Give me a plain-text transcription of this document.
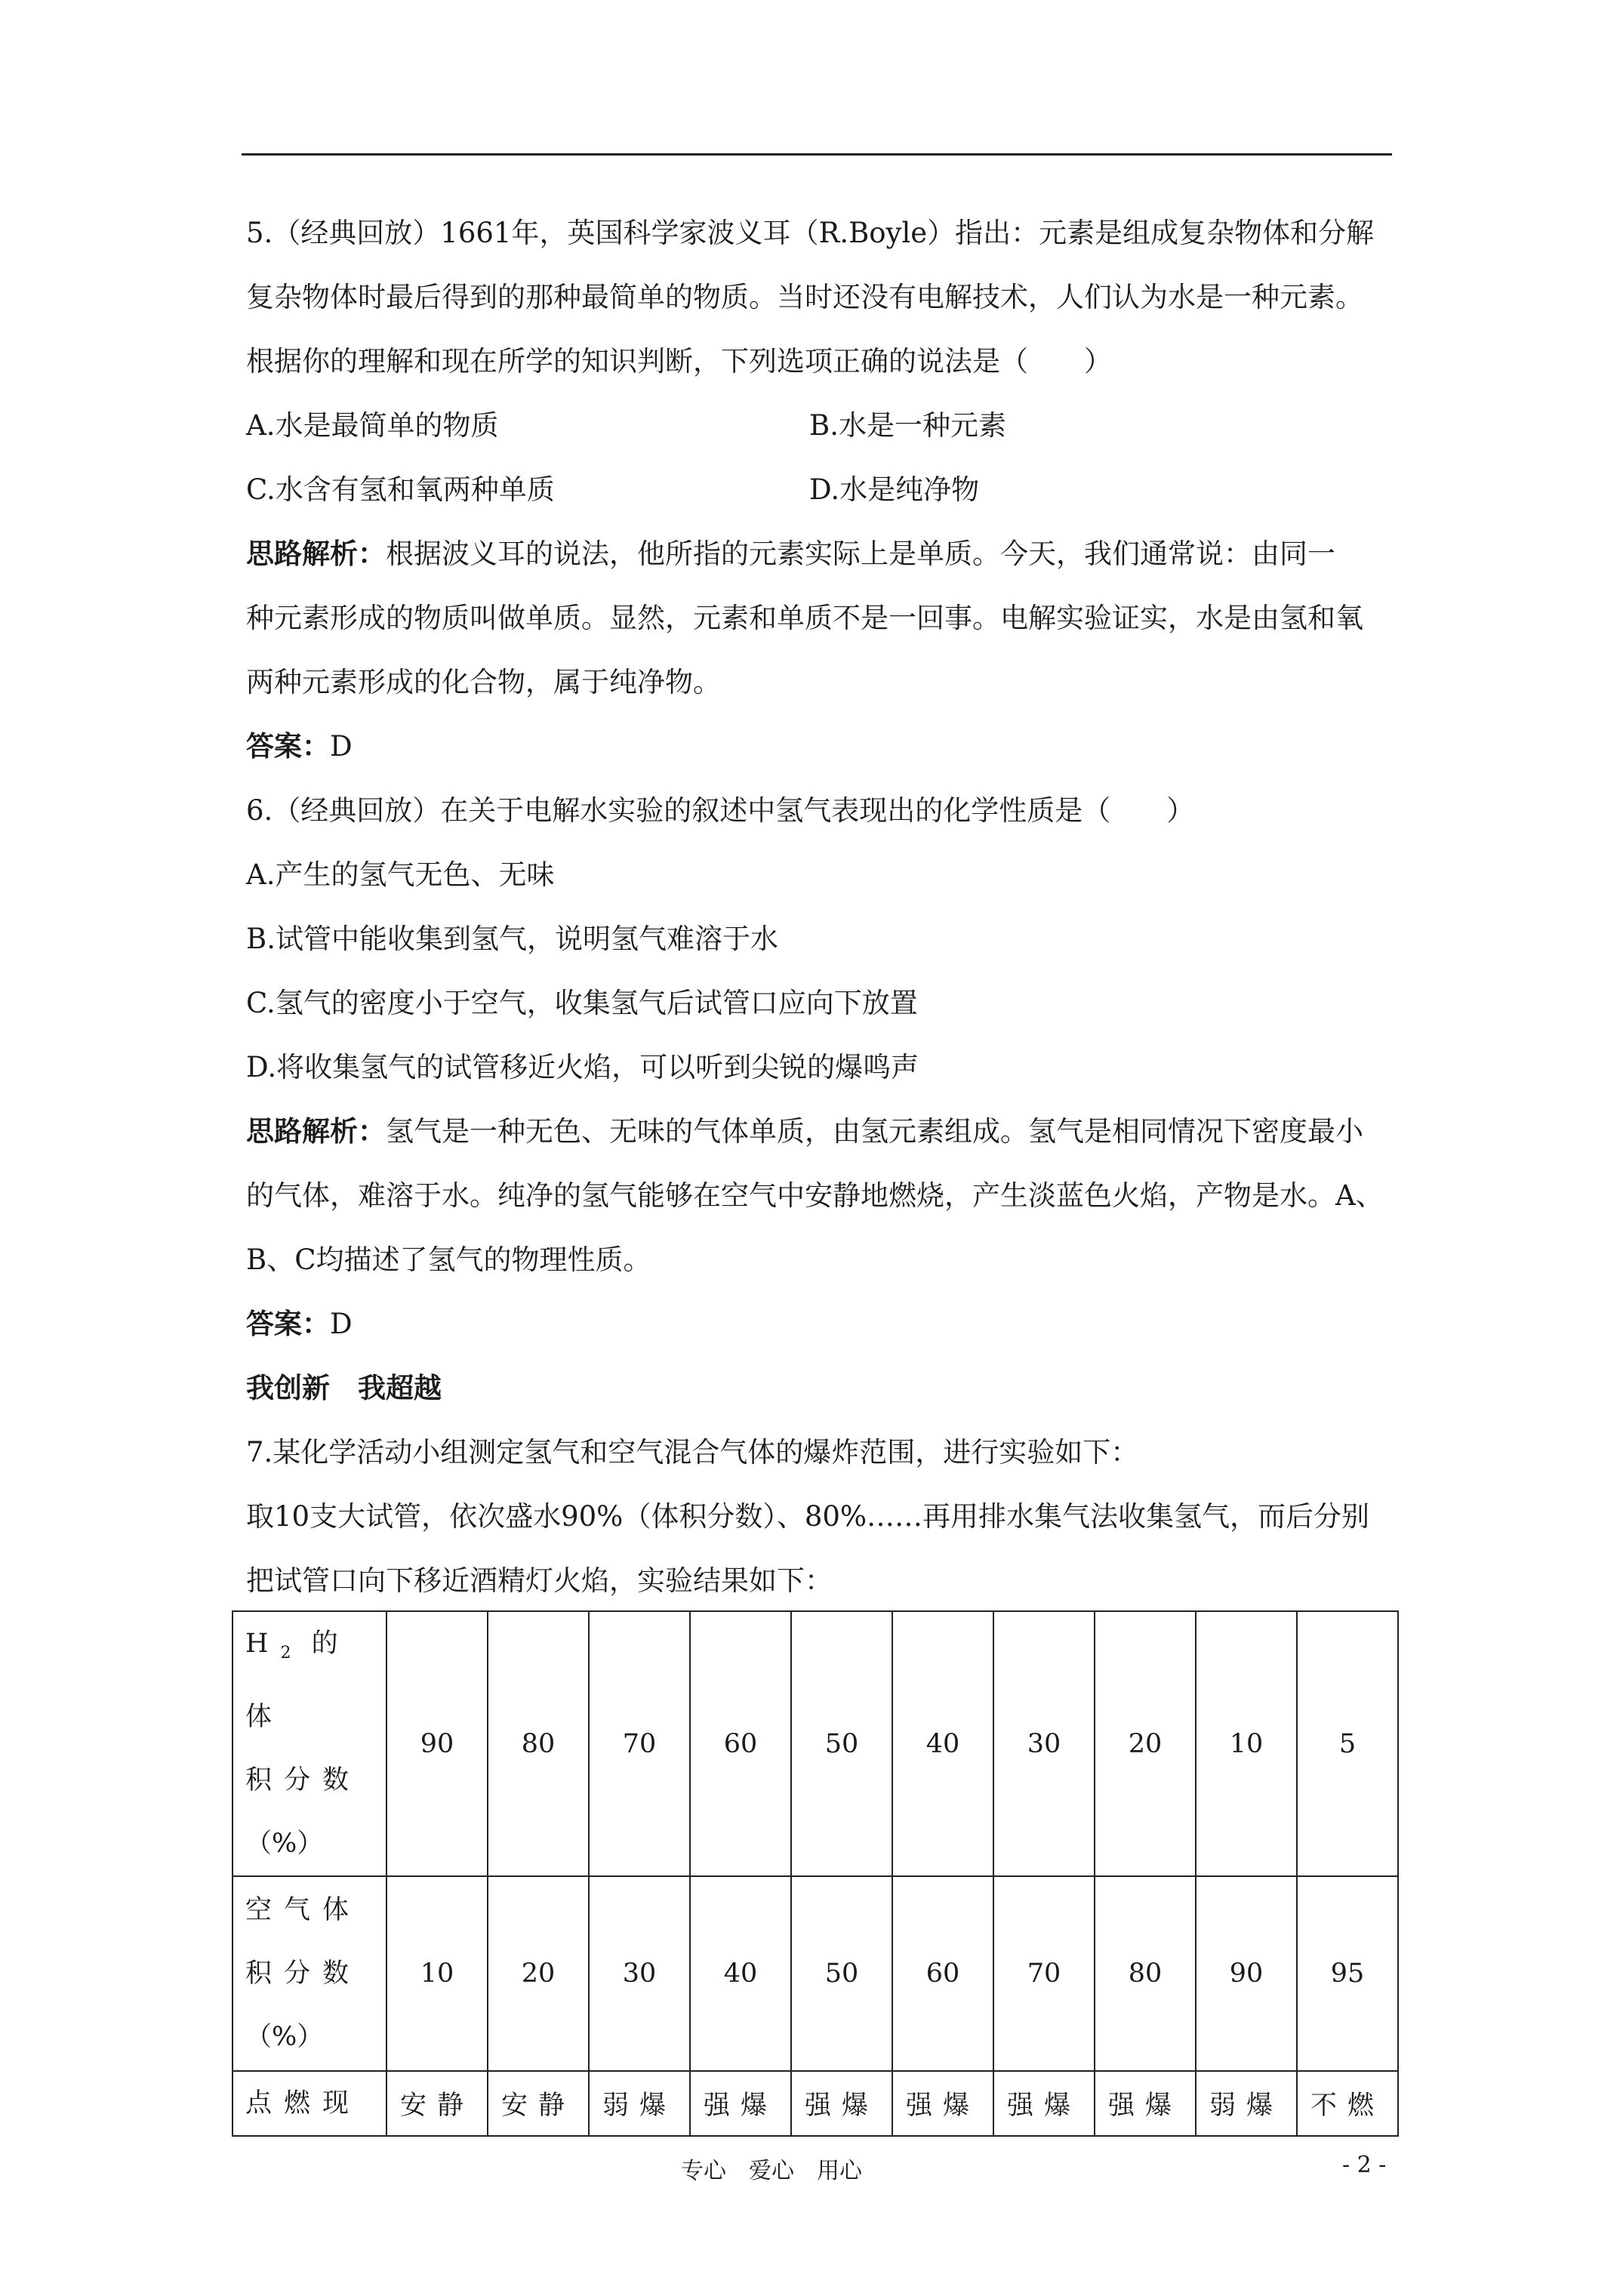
5.（经典回放）1661年，英国科学家波义耳（R.Boyle）指出：元素是组成复杂物体和分解
复杂物体时最后得到的那种最简单的物质。当时还没有电解技术，人们认为水是一种元素。
根据你的理解和现在所学的知识判断，下列选项正确的说法是（　　）
A.水是最简单的物质	B.水是一种元素
C.水含有氢和氧两种单质	D.水是纯净物
思路解析：根据波义耳的说法，他所指的元素实际上是单质。今天，我们通常说：由同一
种元素形成的物质叫做单质。显然，元素和单质不是一回事。电解实验证实，水是由氢和氧
两种元素形成的化合物，属于纯净物。
答案：D
6.（经典回放）在关于电解水实验的叙述中氢气表现出的化学性质是（　　）
A.产生的氢气无色、无味
B.试管中能收集到氢气，说明氢气难溶于水
C.氢气的密度小于空气，收集氢气后试管口应向下放置
D.将收集氢气的试管移近火焰，可以听到尖锐的爆鸣声
思路解析：氢气是一种无色、无味的气体单质，由氢元素组成。氢气是相同情况下密度最小
的气体，难溶于水。纯净的氢气能够在空气中安静地燃烧，产生淡蓝色火焰，产物是水。A、
B、C均描述了氢气的物理性质。
答案：D
我创新　我超越
7.某化学活动小组测定氢气和空气混合气体的爆炸范围，进行实验如下：
取10支大试管，依次盛水90%（体积分数）、80%……再用排水集气法收集氢气，而后分别
把试管口向下移近酒精灯火焰，实验结果如下：
$H_2$ 的体
积分数
（%）	90	80	70	60	50	40	30	20	10	5

空气体
积分数
（%）	10	20	30	40	50	60	70	80	90	95
点燃现	安静	安静	弱爆	强爆	强爆	强爆	强爆	强爆	弱爆	不燃
专心　爱心　用心	- 2 -
